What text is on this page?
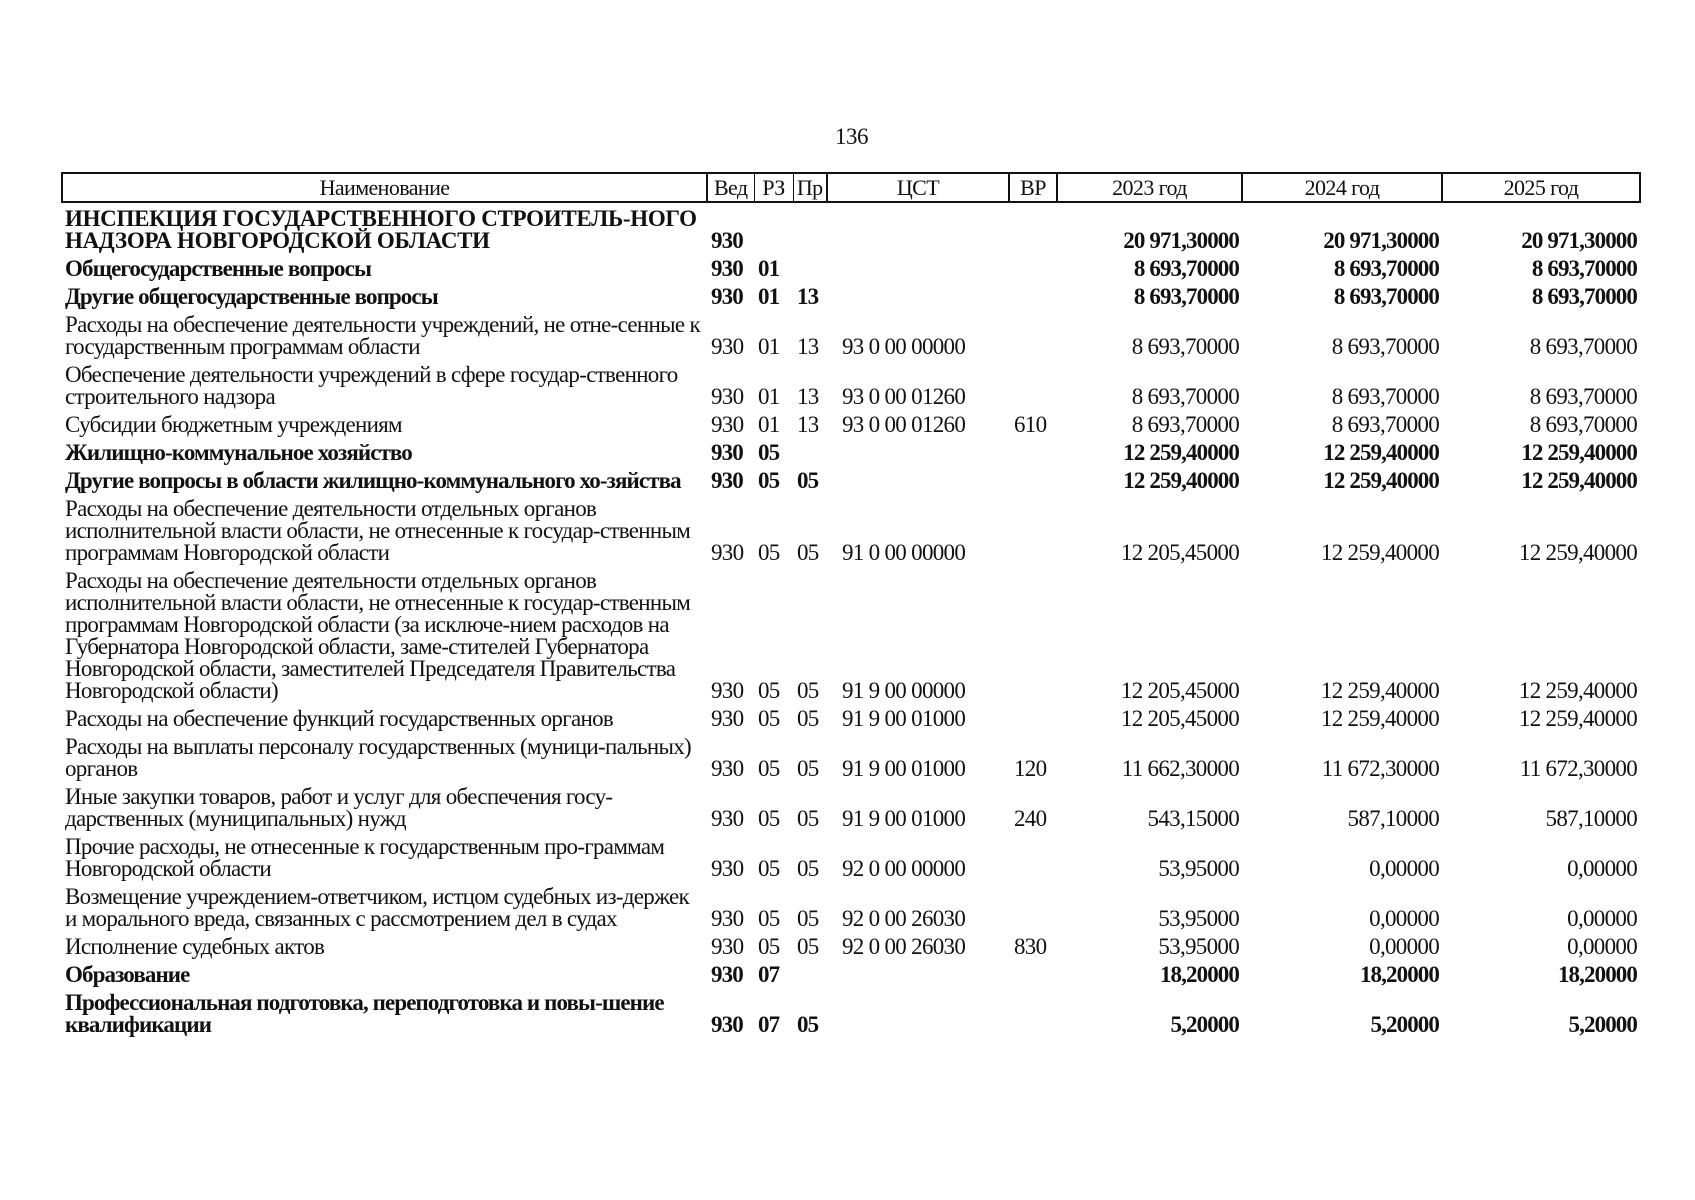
136
Наименование	Вед	РЗ	Пр	ЦСТ	ВР	2023 год	2024 год	2025 год
ИНСПЕКЦИЯ ГОСУДАРСТВЕННОГО СТРОИТЕЛЬ-НОГО НАДЗОРА НОВГОРОДСКОЙ ОБЛАСТИ	930					20 971,30000	20 971,30000	20 971,30000
Общегосударственные вопросы	930	01				8 693,70000	8 693,70000	8 693,70000
Другие общегосударственные вопросы	930	01	13			8 693,70000	8 693,70000	8 693,70000
Расходы на обеспечение деятельности учреждений, не отне-сенные к государственным программам области	930	01	13	93 0 00 00000		8 693,70000	8 693,70000	8 693,70000
Обеспечение деятельности учреждений в сфере государ-ственного строительного надзора	930	01	13	93 0 00 01260		8 693,70000	8 693,70000	8 693,70000
Субсидии бюджетным учреждениям	930	01	13	93 0 00 01260	610	8 693,70000	8 693,70000	8 693,70000
Жилищно-коммунальное хозяйство	930	05				12 259,40000	12 259,40000	12 259,40000
Другие вопросы в области жилищно-коммунального хо-зяйства	930	05	05			12 259,40000	12 259,40000	12 259,40000
Расходы на обеспечение деятельности отдельных органов исполнительной власти области, не отнесенные к государ-ственным программам Новгородской области	930	05	05	91 0 00 00000		12 205,45000	12 259,40000	12 259,40000
Расходы на обеспечение деятельности отдельных органов исполнительной власти области, не отнесенные к государ-ственным программам Новгородской области (за исключе-нием расходов на Губернатора Новгородской области, заме-стителей Губернатора Новгородской области, заместителей Председателя Правительства Новгородской области)	930	05	05	91 9 00 00000		12 205,45000	12 259,40000	12 259,40000
Расходы на обеспечение функций государственных органов	930	05	05	91 9 00 01000		12 205,45000	12 259,40000	12 259,40000
Расходы на выплаты персоналу государственных (муници-пальных) органов	930	05	05	91 9 00 01000	120	11 662,30000	11 672,30000	11 672,30000
Иные закупки товаров, работ и услуг для обеспечения госу-дарственных (муниципальных) нужд	930	05	05	91 9 00 01000	240	543,15000	587,10000	587,10000
Прочие расходы, не отнесенные к государственным про-граммам Новгородской области	930	05	05	92 0 00 00000		53,95000	0,00000	0,00000
Возмещение учреждением-ответчиком, истцом судебных из-держек и морального вреда, связанных с рассмотрением дел в судах	930	05	05	92 0 00 26030		53,95000	0,00000	0,00000
Исполнение судебных актов	930	05	05	92 0 00 26030	830	53,95000	0,00000	0,00000
Образование	930	07				18,20000	18,20000	18,20000
Профессиональная подготовка, переподготовка и повы-шение квалификации	930	07	05			5,20000	5,20000	5,20000
